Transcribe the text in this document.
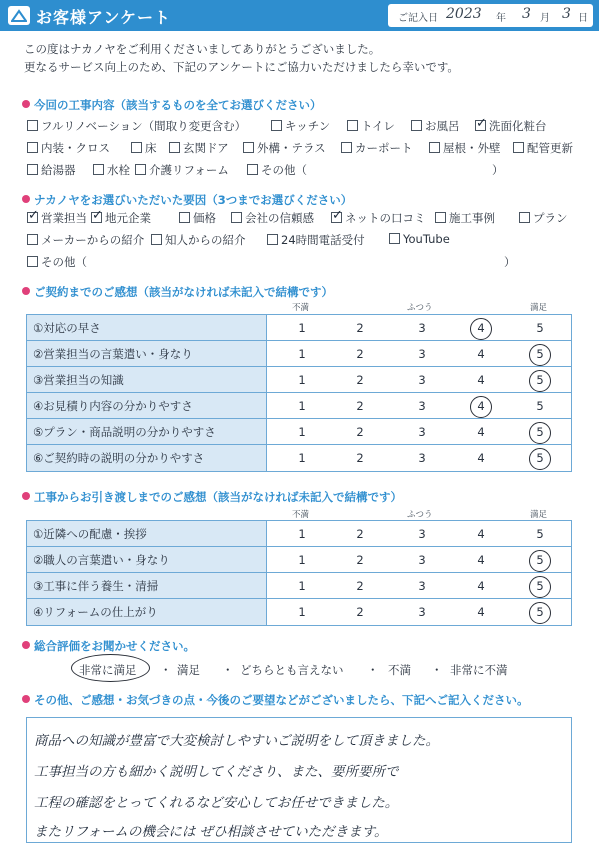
お客様アンケート	ご記入日 2023 年 3 月 3 日
この度はナカノヤをご利用くださいましてありがとうございました。
更なるサービス向上のため、下記のアンケートにご協力いただけましたら幸いです。
今回の工事内容（該当するものを全てお選びください）
フルリノベーション（間取り変更含む）	キッチン	トイレ	お風呂 ✓	洗面化粧台
内装・クロス	床	玄関ドア	外構・テラス	カーポート	屋根・外壁	配管更新
給湯器	水栓	介護リフォーム	その他（	）
ナカノヤをお選びいただいた要因（3つまでお選びください）
✓営業担当 ✓	地元企業	価格	会社の信頼感 ✓	ネットの口コミ	施工事例	プラン
メーカーからの紹介	知人からの紹介	24時間電話受付	YouTube
その他（	）
ご契約までのご感想（該当がなければ未記入で結構です）
不満	ふつう	満足
①対応の早さ	1	2	3	4	5
②営業担当の言葉遣い・身なり	1	2	3	4	5
③営業担当の知識	1	2	3	4	5
④お見積り内容の分かりやすさ	1	2	3	4	5
⑤プラン・商品説明の分かりやすさ	1	2	3	4	5
⑥ご契約時の説明の分かりやすさ	1	2	3	4	5
工事からお引き渡しまでのご感想（該当がなければ未記入で結構です）
不満	ふつう	満足
①近隣への配慮・挨拶	1	2	3	4	5
②職人の言葉遣い・身なり	1	2	3	4	5
③工事に伴う養生・清掃	1	2	3	4	5
④リフォームの仕上がり	1	2	3	4	5
総合評価をお聞かせください。
非常に満足 ・ 満足 ・ どちらとも言えない ・ 不満 ・ 非常に不満
その他、ご感想・お気づきの点・今後のご要望などがございましたら、下記へご記入ください。
商品への知識が豊富で大変検討しやすいご説明をして頂きました。
工事担当の方も細かく説明してくださり、また、要所要所で
工程の確認をとってくれるなど安心してお任せできました。
またリフォームの機会には ぜひ相談させていただきます。
